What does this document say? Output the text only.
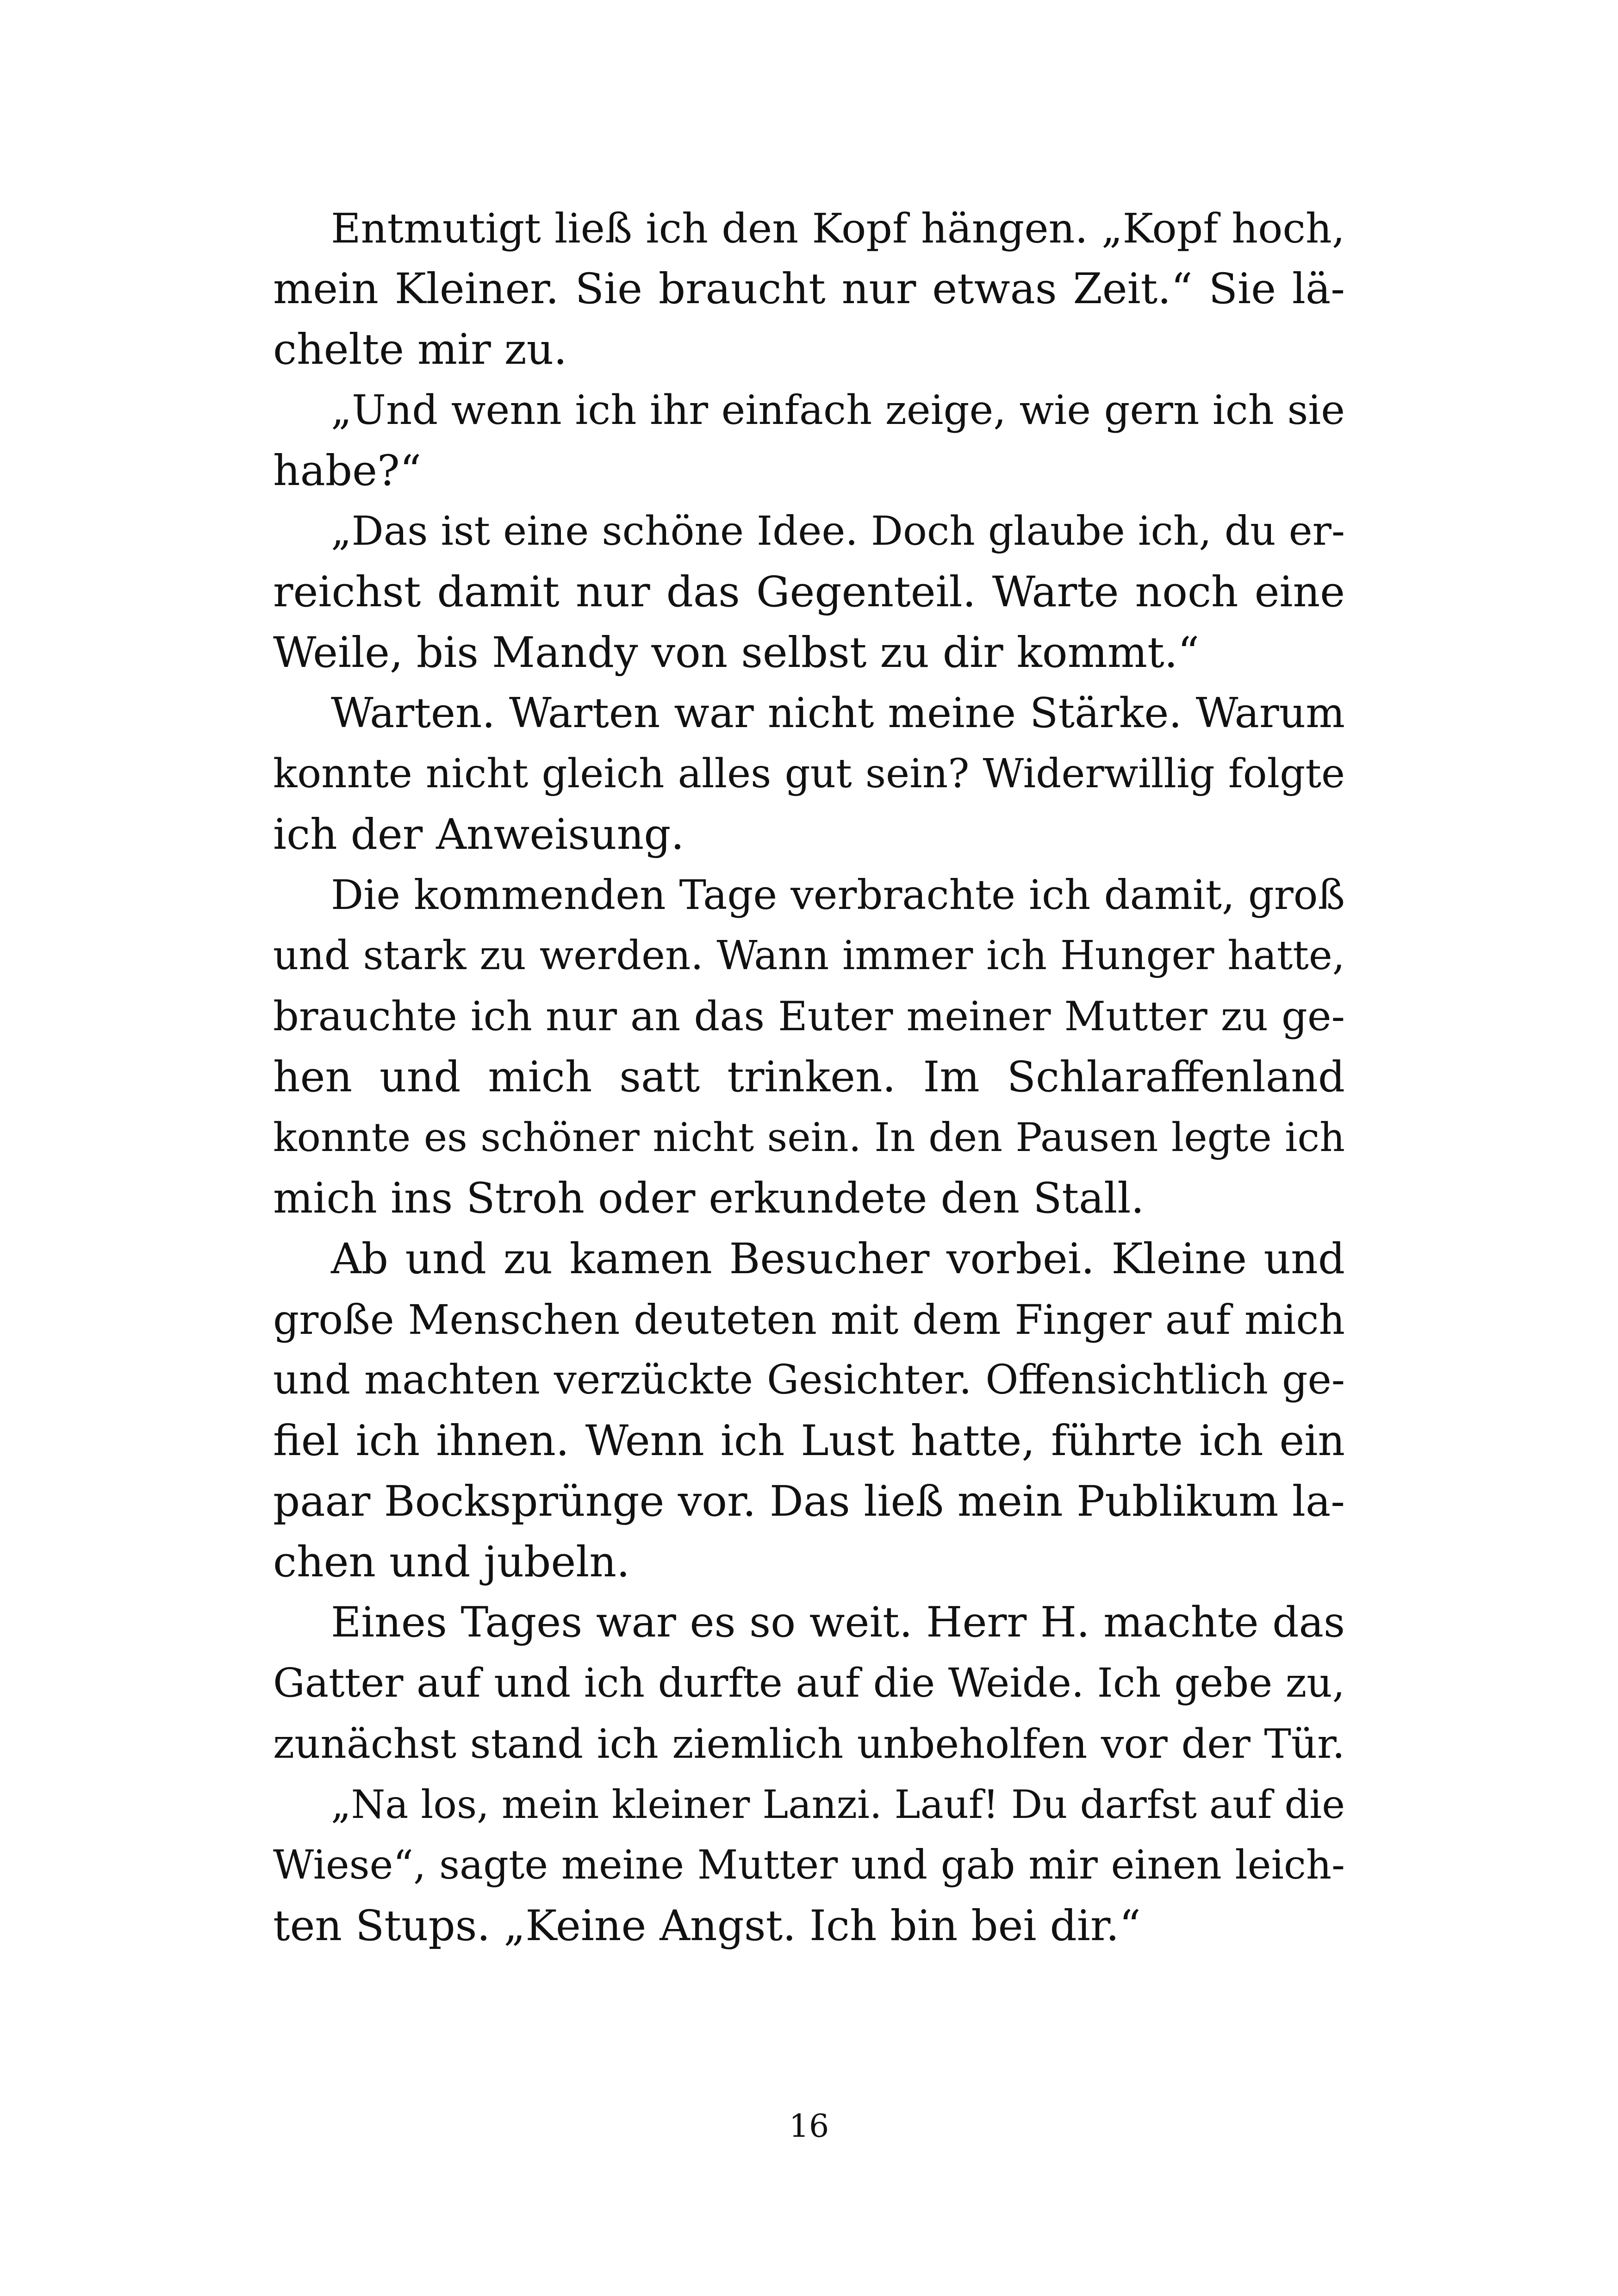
Entmutigt ließ ich den Kopf hängen. „Kopf hoch,
mein Kleiner. Sie braucht nur etwas Zeit.“ Sie lä-
chelte mir zu.
„Und wenn ich ihr einfach zeige, wie gern ich sie
habe?“
„Das ist eine schöne Idee. Doch glaube ich, du er-
reichst damit nur das Gegenteil. Warte noch eine
Weile, bis Mandy von selbst zu dir kommt.“
Warten. Warten war nicht meine Stärke. Warum
konnte nicht gleich alles gut sein? Widerwillig folgte
ich der Anweisung.
Die kommenden Tage verbrachte ich damit, groß
und stark zu werden. Wann immer ich Hunger hatte,
brauchte ich nur an das Euter meiner Mutter zu ge-
hen und mich satt trinken. Im Schlaraffenland
konnte es schöner nicht sein. In den Pausen legte ich
mich ins Stroh oder erkundete den Stall.
Ab und zu kamen Besucher vorbei. Kleine und
große Menschen deuteten mit dem Finger auf mich
und machten verzückte Gesichter. Offensichtlich ge-
fiel ich ihnen. Wenn ich Lust hatte, führte ich ein
paar Bocksprünge vor. Das ließ mein Publikum la-
chen und jubeln.
Eines Tages war es so weit. Herr H. machte das
Gatter auf und ich durfte auf die Weide. Ich gebe zu,
zunächst stand ich ziemlich unbeholfen vor der Tür.
„Na los, mein kleiner Lanzi. Lauf! Du darfst auf die
Wiese“, sagte meine Mutter und gab mir einen leich-
ten Stups. „Keine Angst. Ich bin bei dir.“
16
